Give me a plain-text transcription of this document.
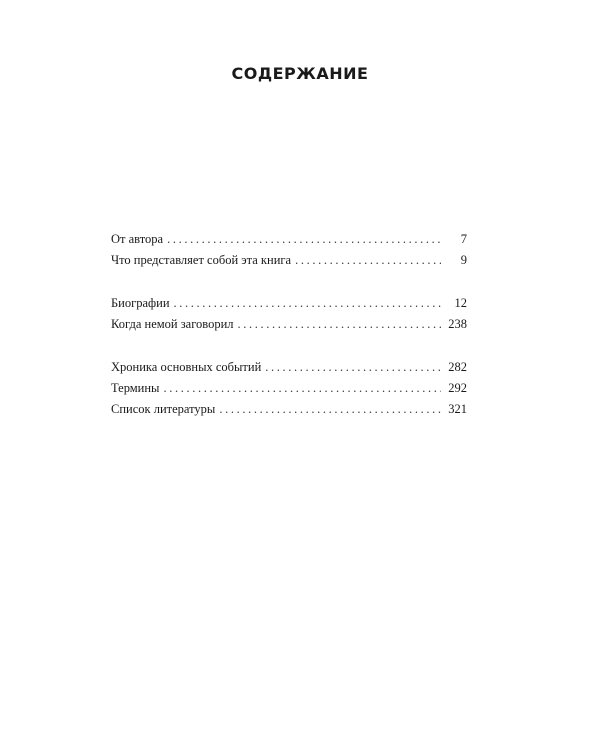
СОДЕРЖАНИЕ
От автора . . .	7
Что представляет собой эта книга . . .	9
Биографии . . .	12
Когда немой заговорил . . .	238
Хроника основных событий . . .	282
Термины . . .	292
Список литературы . . .	321
